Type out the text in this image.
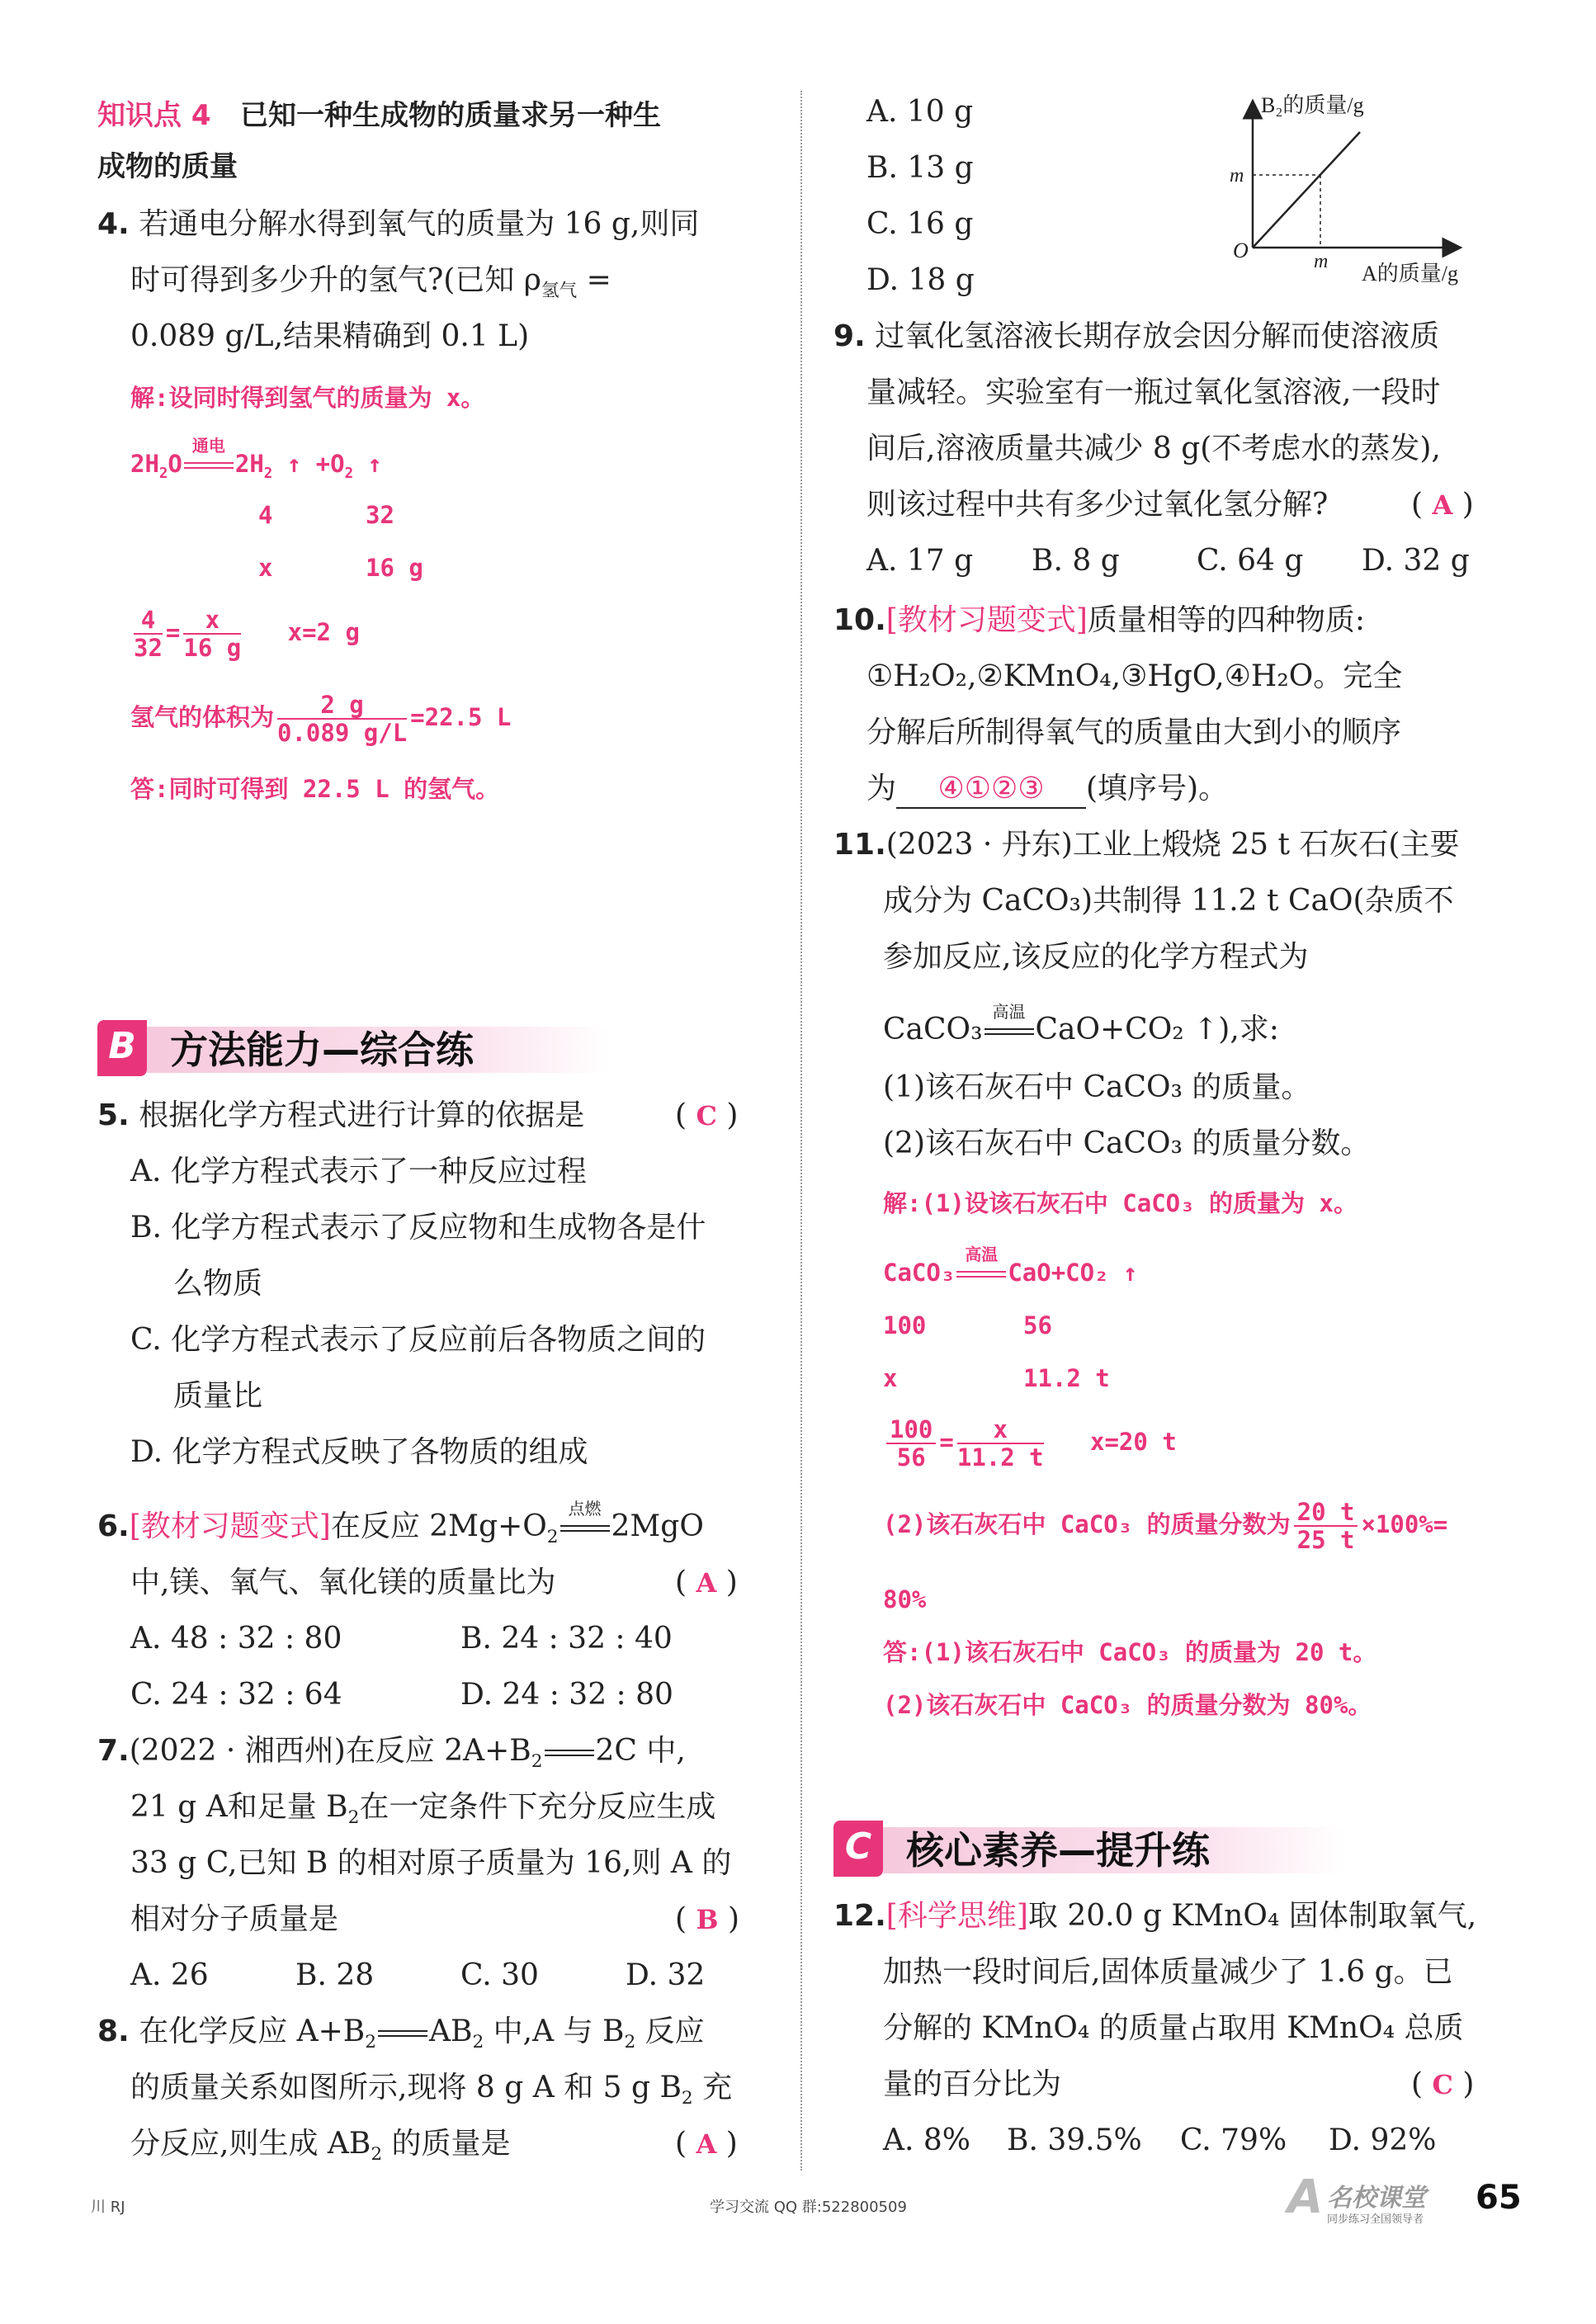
知识点 4 已知一种生成物的质量求另一种生
成物的质量
4. 若通电分解水得到氧气的质量为 16 g,则同
时可得到多少升的氢气?(已知 $\rho_{氢气}$ =
0.089 g/L,结果精确到 0.1 L)
解:设同时得到氢气的质量为 x。
$2H_2O$
通电
$2H_2$ ↑ $+O_2$ ↑
4	32
x	16 g
$\frac{4}{32} = \frac{x}{16 g} x=2$ g
氢气的体积为 $\frac{2 g}{0.089 g/L} =22.5$ L
答:同时可得到 22.5 L 的氢气。
B 方法能力—综合练
5. 根据化学方程式进行计算的依据是	( C )
A. 化学方程式表示了一种反应过程
B. 化学方程式表示了反应物和生成物各是什
么物质
C. 化学方程式表示了反应前后各物质之间的
质量比
D. 化学方程式反映了各物质的组成
6.[教材习题变式]在反应 $2Mg+O_2$
点燃
2MgO
中,镁、氧气、氧化镁的质量比为	( A )
A. 48 : 32 : 80	B. 24 : 32 : 40
C. 24 : 32 : 64	D. 24 : 32 : 80
7.(2022 · 湘西州)在反应 $2A+B_2$ 2C 中,
21 g A和足量 $B_2$在一定条件下充分反应生成
33 g C,已知 B 的相对原子质量为 16,则 A 的
相对分子质量是	( B )
A. 26	B. 28	C. 30	D. 32
8. 在化学反应 $A+B_2$ $AB_2$ 中,A 与 $B_2$ 反应
的质量关系如图所示,现将 8 g A 和 5 g $B_2$ 充
分反应,则生成 $AB_2$ 的质量是	( A )
A. 10 g
B. 13 g
C. 16 g
D. 18 g
B₂的质量/g
A的质量/g
m
m
O
9. 过氧化氢溶液长期存放会因分解而使溶液质
量减轻。实验室有一瓶过氧化氢溶液,一段时
间后,溶液质量共减少 8 g(不考虑水的蒸发),
则该过程中共有多少过氧化氢分解?	( A )
A. 17 g B. 8 g	C. 64 g D. 32 g
10.[教材习题变式]质量相等的四种物质:
①H₂O₂,②KMnO₄,③HgO,④H₂O。完全
分解后所制得氧气的质量由大到小的顺序
为 ④①②③ (填序号)。
11.(2023 · 丹东)工业上煅烧 25 t 石灰石(主要
成分为 CaCO₃)共制得 11.2 t CaO(杂质不
参加反应,该反应的化学方程式为
CaCO₃
高温
CaO+CO₂ ↑),求:
(1)该石灰石中 CaCO₃ 的质量。
(2)该石灰石中 CaCO₃ 的质量分数。
解:(1)设该石灰石中 CaCO₃ 的质量为 x。
CaCO₃
高温
CaO+CO₂ ↑
100	56
x	11.2 t
$\frac{100}{56} = \frac{x}{11.2 t} x=20$ t
(2)该石灰石中 CaCO₃ 的质量分数为 $\frac{20 t}{25 t} \times 100\%=$
80%
答:(1)该石灰石中 CaCO₃ 的质量为 20 t。
(2)该石灰石中 CaCO₃ 的质量分数为 80%。
C 核心素养—提升练
12.[科学思维]取 20.0 g KMnO₄ 固体制取氧气,
加热一段时间后,固体质量减少了 1.6 g。已
分解的 KMnO₄ 的质量占取用 KMnO₄ 总质
量的百分比为	( C )
A. 8% B. 39.5% C. 79% D. 92%
川 RJ	学习交流 QQ 群:522800509	A 名校课堂
同步练习全国领导者
65
